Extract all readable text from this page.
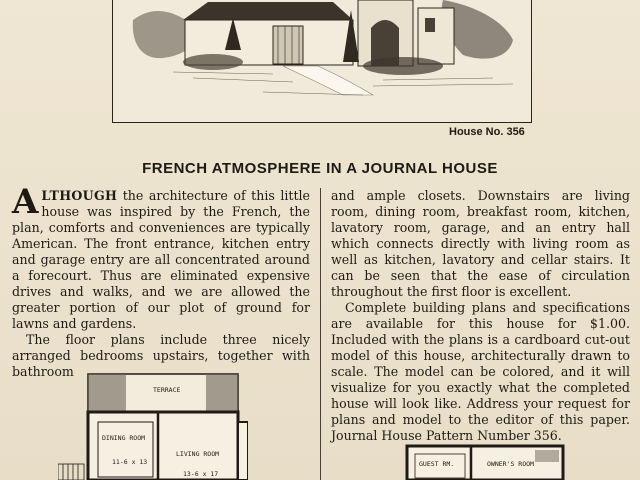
House No. 356
FRENCH ATMOSPHERE IN A JOURNAL HOUSE

ALTHOUGH the architecture of this little house was inspired by the French, the plan, comforts and conveniences are typically American. The front entrance, kitchen entry and garage entry are all concentrated around a forecourt. Thus are eliminated expensive drives and walks, and we are allowed the greater portion of our plot of ground for lawns and gardens.

The floor plans include three nicely arranged bedrooms upstairs, together with bathroom

and ample closets. Downstairs are living room, dining room, breakfast room, kitchen, lavatory room, garage, and an entry hall which connects directly with living room as well as kitchen, lavatory and cellar stairs. It can be seen that the ease of circulation throughout the first floor is excellent.

Complete building plans and specifications are available for this house for $1.00. Included with the plans is a cardboard cut-out model of this house, architecturally drawn to scale. The model can be colored, and it will visualize for you exactly what the completed house will look like. Address your request for plans and model to the editor of this paper. Journal House Pattern Number 356.

TERRACE
DINING ROOM
11-6 x 13
LIVING ROOM
13-6 x 17
GUEST RM.	OWNER'S ROOM
